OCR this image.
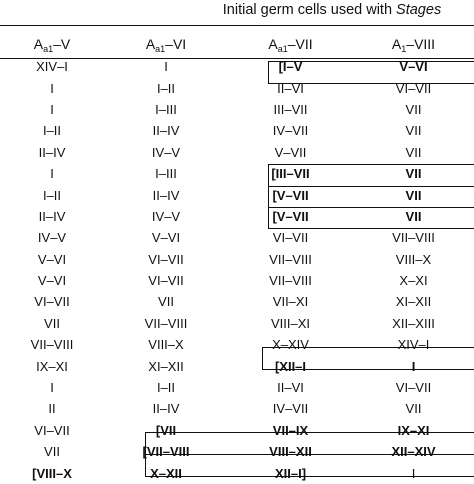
Initial germ cells used with Stages
$A_{a1}-V$	$A_{a1}-VI$	$A_{a1}$–VII	$A_1$–VIII
XIV–I	I	[I–V	V–VI
I	I–II	II–VI	VI–VII
I	I–III	III–VII	VII
I–II	II–IV	IV–VII	VII
II–IV	IV–V	V–VII	VII
I	I–III	[III–VII	VII
I–II	II–IV	[V–VII	VII
II–IV	IV–V	[V–VII	VII
IV–V	V–VI	VI–VII	VII–VIII
V–VI	VI–VII	VII–VIII	VIII–X
V–VI	VI–VII	VII–VIII	X–XI
VI–VII	VII	VII–XI	XI–XII
VII	VII–VIII	VIII–XI	XII–XIII
VII–VIII	VIII–X	X–XIV	XIV–I
IX–XI	XI–XII	[XII–I	I
I	I–II	II–VI	VI–VII
II	II–IV	IV–VII	VII
VI–VII	[VII	VII–IX	IX–XI
VII	[VII–VIII	VIII–XII	XII–XIV
[VIII–X	X–XII	XII–I]	I
